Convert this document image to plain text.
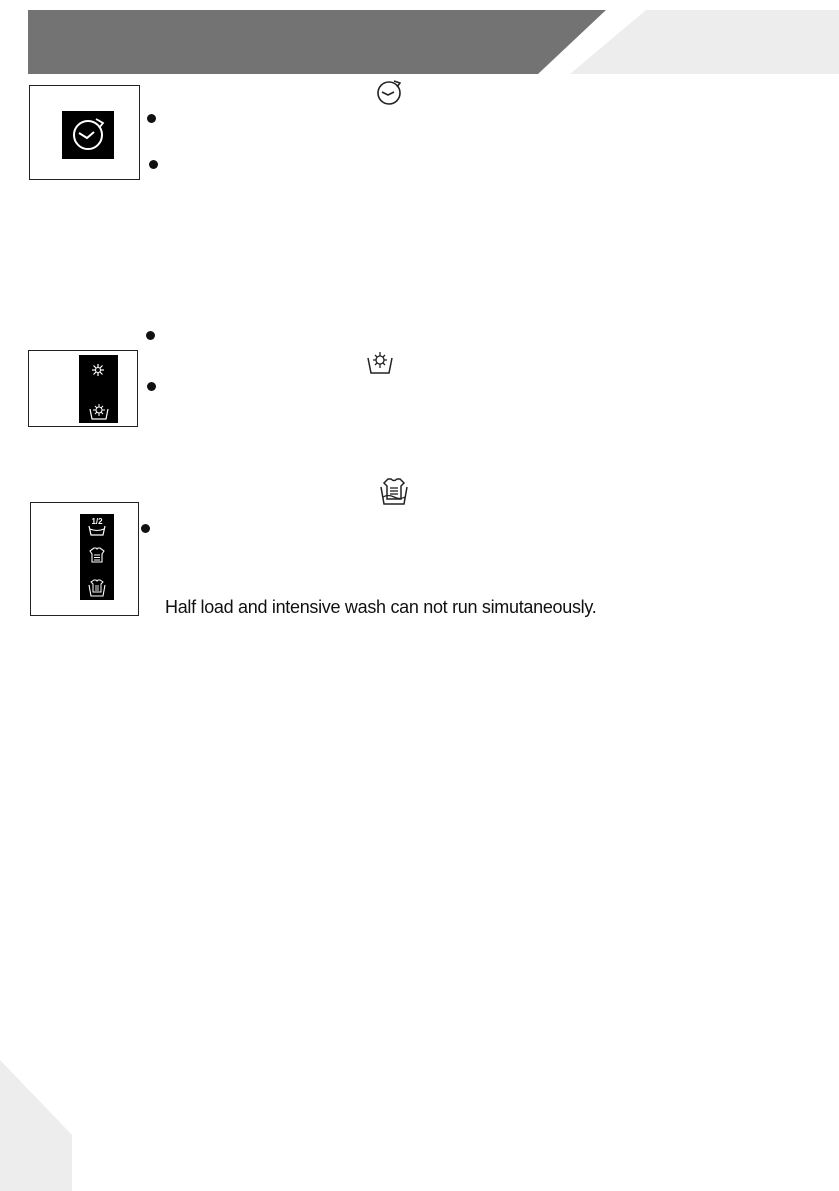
1/2
Half load and intensive wash can not run simutaneously.
